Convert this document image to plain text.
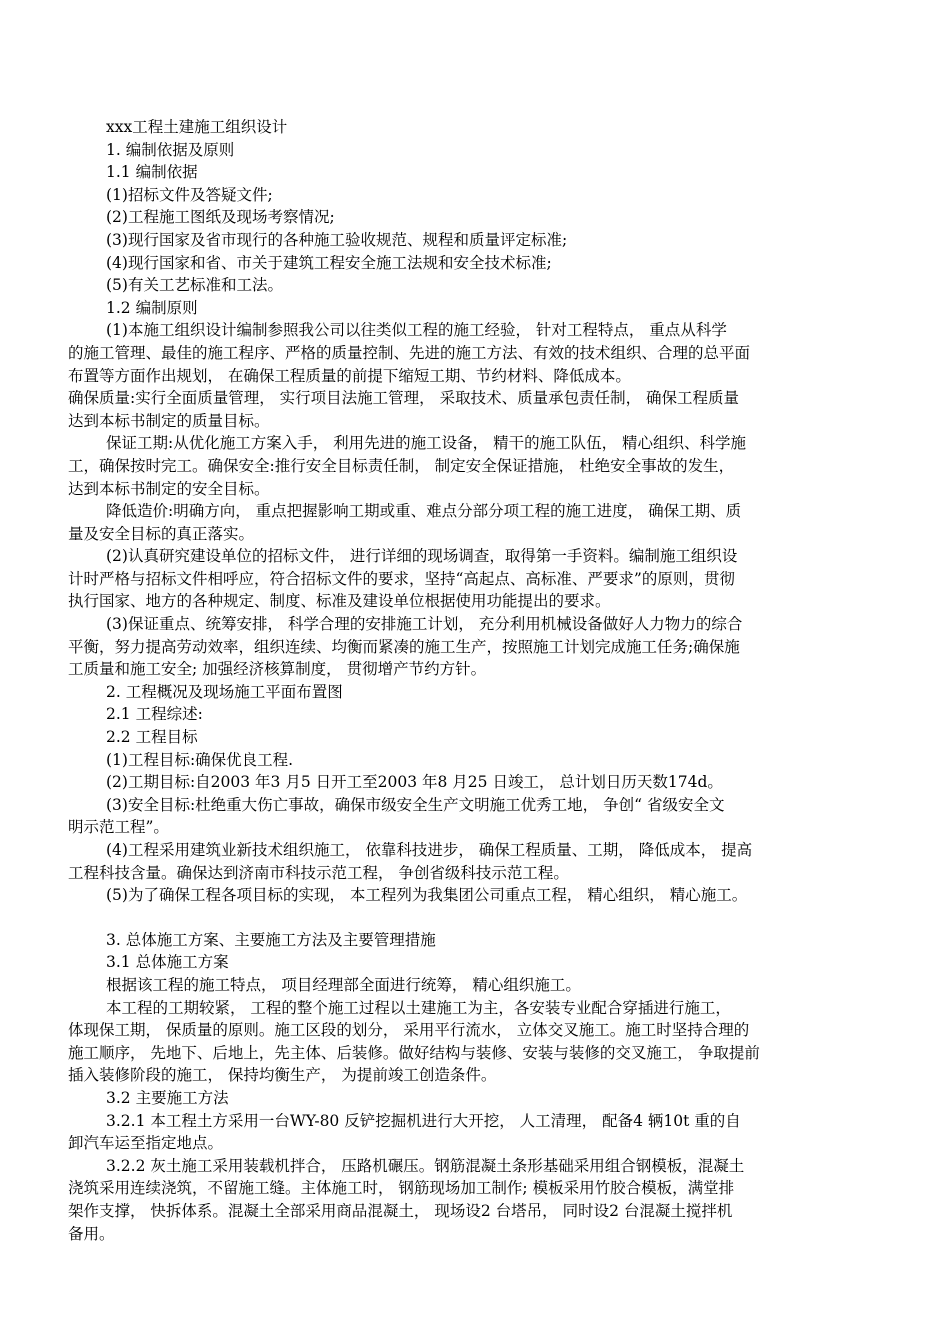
xxx工程土建施工组织设计
1. 编制依据及原则
1.1 编制依据
(1)招标文件及答疑文件;
(2)工程施工图纸及现场考察情况;
(3)现行国家及省市现行的各种施工验收规范、规程和质量评定标准;
(4)现行国家和省、市关于建筑工程安全施工法规和安全技术标准;
(5)有关工艺标准和工法。
1.2 编制原则
(1)本施工组织设计编制参照我公司以往类似工程的施工经验， 针对工程特点， 重点从科学
的施工管理、最佳的施工程序、严格的质量控制、先进的施工方法、有效的技术组织、合理的总平面
布置等方面作出规划， 在确保工程质量的前提下缩短工期、节约材料、降低成本。
确保质量:实行全面质量管理， 实行项目法施工管理， 采取技术、质量承包责任制， 确保工程质量
达到本标书制定的质量目标。
保证工期:从优化施工方案入手， 利用先进的施工设备， 精干的施工队伍， 精心组织、科学施
工，确保按时完工。确保安全:推行安全目标责任制， 制定安全保证措施， 杜绝安全事故的发生，
达到本标书制定的安全目标。
降低造价:明确方向， 重点把握影响工期或重、难点分部分项工程的施工进度， 确保工期、质
量及安全目标的真正落实。
(2)认真研究建设单位的招标文件， 进行详细的现场调查，取得第一手资料。编制施工组织设
计时严格与招标文件相呼应，符合招标文件的要求，坚持“高起点、高标准、严要求”的原则，贯彻
执行国家、地方的各种规定、制度、标准及建设单位根据使用功能提出的要求。
(3)保证重点、统筹安排， 科学合理的安排施工计划， 充分利用机械设备做好人力物力的综合
平衡，努力提高劳动效率，组织连续、均衡而紧凑的施工生产，按照施工计划完成施工任务;确保施
工质量和施工安全; 加强经济核算制度， 贯彻增产节约方针。
2. 工程概况及现场施工平面布置图
2.1 工程综述:
2.2 工程目标
(1)工程目标:确保优良工程.
(2)工期目标:自2003 年3 月5 日开工至2003 年8 月25 日竣工， 总计划日历天数174d。
(3)安全目标:杜绝重大伤亡事故，确保市级安全生产文明施工优秀工地， 争创“ 省级安全文
明示范工程”。
(4)工程采用建筑业新技术组织施工， 依靠科技进步， 确保工程质量、工期， 降低成本， 提高
工程科技含量。确保达到济南市科技示范工程， 争创省级科技示范工程。
(5)为了确保工程各项目标的实现， 本工程列为我集团公司重点工程， 精心组织， 精心施工。
3. 总体施工方案、主要施工方法及主要管理措施
3.1 总体施工方案
根据该工程的施工特点， 项目经理部全面进行统筹， 精心组织施工。
本工程的工期较紧， 工程的整个施工过程以土建施工为主，各安装专业配合穿插进行施工，
体现保工期， 保质量的原则。施工区段的划分， 采用平行流水， 立体交叉施工。施工时坚持合理的
施工顺序， 先地下、后地上，先主体、后装修。做好结构与装修、安装与装修的交叉施工， 争取提前
插入装修阶段的施工， 保持均衡生产， 为提前竣工创造条件。
3.2 主要施工方法
3.2.1 本工程土方采用一台WY-80 反铲挖掘机进行大开挖， 人工清理， 配备4 辆10t 重的自
卸汽车运至指定地点。
3.2.2 灰土施工采用装载机拌合， 压路机碾压。钢筋混凝土条形基础采用组合钢模板，混凝土
浇筑采用连续浇筑，不留施工缝。主体施工时， 钢筋现场加工制作; 模板采用竹胶合模板，满堂排
架作支撑， 快拆体系。混凝土全部采用商品混凝土， 现场设2 台塔吊， 同时设2 台混凝土搅拌机
备用。
